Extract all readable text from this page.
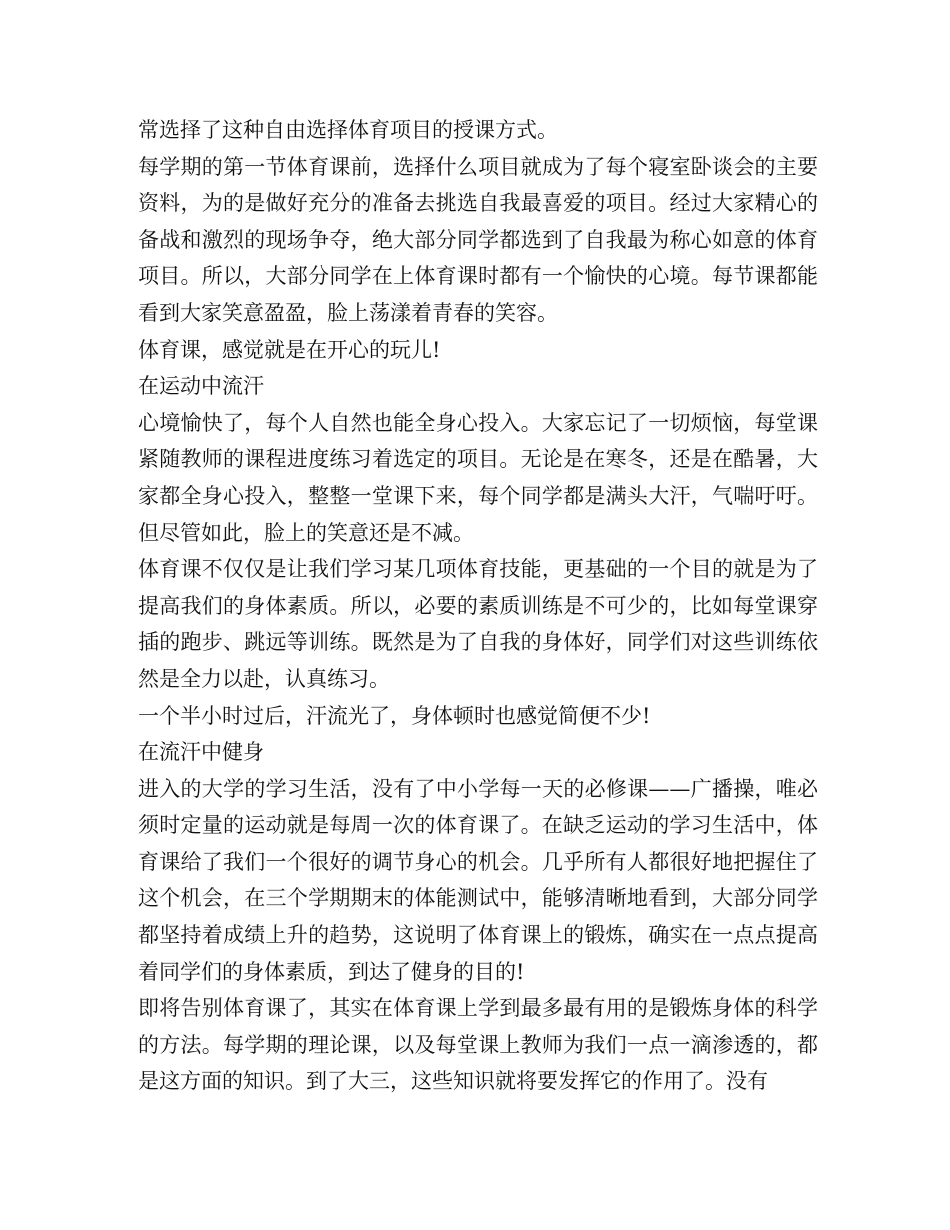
常选择了这种自由选择体育项目的授课方式。

每学期的第一节体育课前，选择什么项目就成为了每个寝室卧谈会的主要资料，为的是做好充分的准备去挑选自我最喜爱的项目。经过大家精心的备战和激烈的现场争夺，绝大部分同学都选到了自我最为称心如意的体育项目。所以，大部分同学在上体育课时都有一个愉快的心境。每节课都能看到大家笑意盈盈，脸上荡漾着青春的笑容。

体育课，感觉就是在开心的玩儿!

在运动中流汗

心境愉快了，每个人自然也能全身心投入。大家忘记了一切烦恼，每堂课紧随教师的课程进度练习着选定的项目。无论是在寒冬，还是在酷暑，大家都全身心投入，整整一堂课下来，每个同学都是满头大汗，气喘吁吁。但尽管如此，脸上的笑意还是不减。

体育课不仅仅是让我们学习某几项体育技能，更基础的一个目的就是为了提高我们的身体素质。所以，必要的素质训练是不可少的，比如每堂课穿插的跑步、跳远等训练。既然是为了自我的身体好，同学们对这些训练依然是全力以赴，认真练习。

一个半小时过后，汗流光了，身体顿时也感觉简便不少!

在流汗中健身

进入的大学的学习生活，没有了中小学每一天的必修课——广播操，唯必须时定量的运动就是每周一次的体育课了。在缺乏运动的学习生活中，体育课给了我们一个很好的调节身心的机会。几乎所有人都很好地把握住了这个机会，在三个学期期末的体能测试中，能够清晰地看到，大部分同学都坚持着成绩上升的趋势，这说明了体育课上的锻炼，确实在一点点提高着同学们的身体素质，到达了健身的目的!

即将告别体育课了，其实在体育课上学到最多最有用的是锻炼身体的科学的方法。每学期的理论课，以及每堂课上教师为我们一点一滴渗透的，都是这方面的知识。到了大三，这些知识就将要发挥它的作用了。没有
